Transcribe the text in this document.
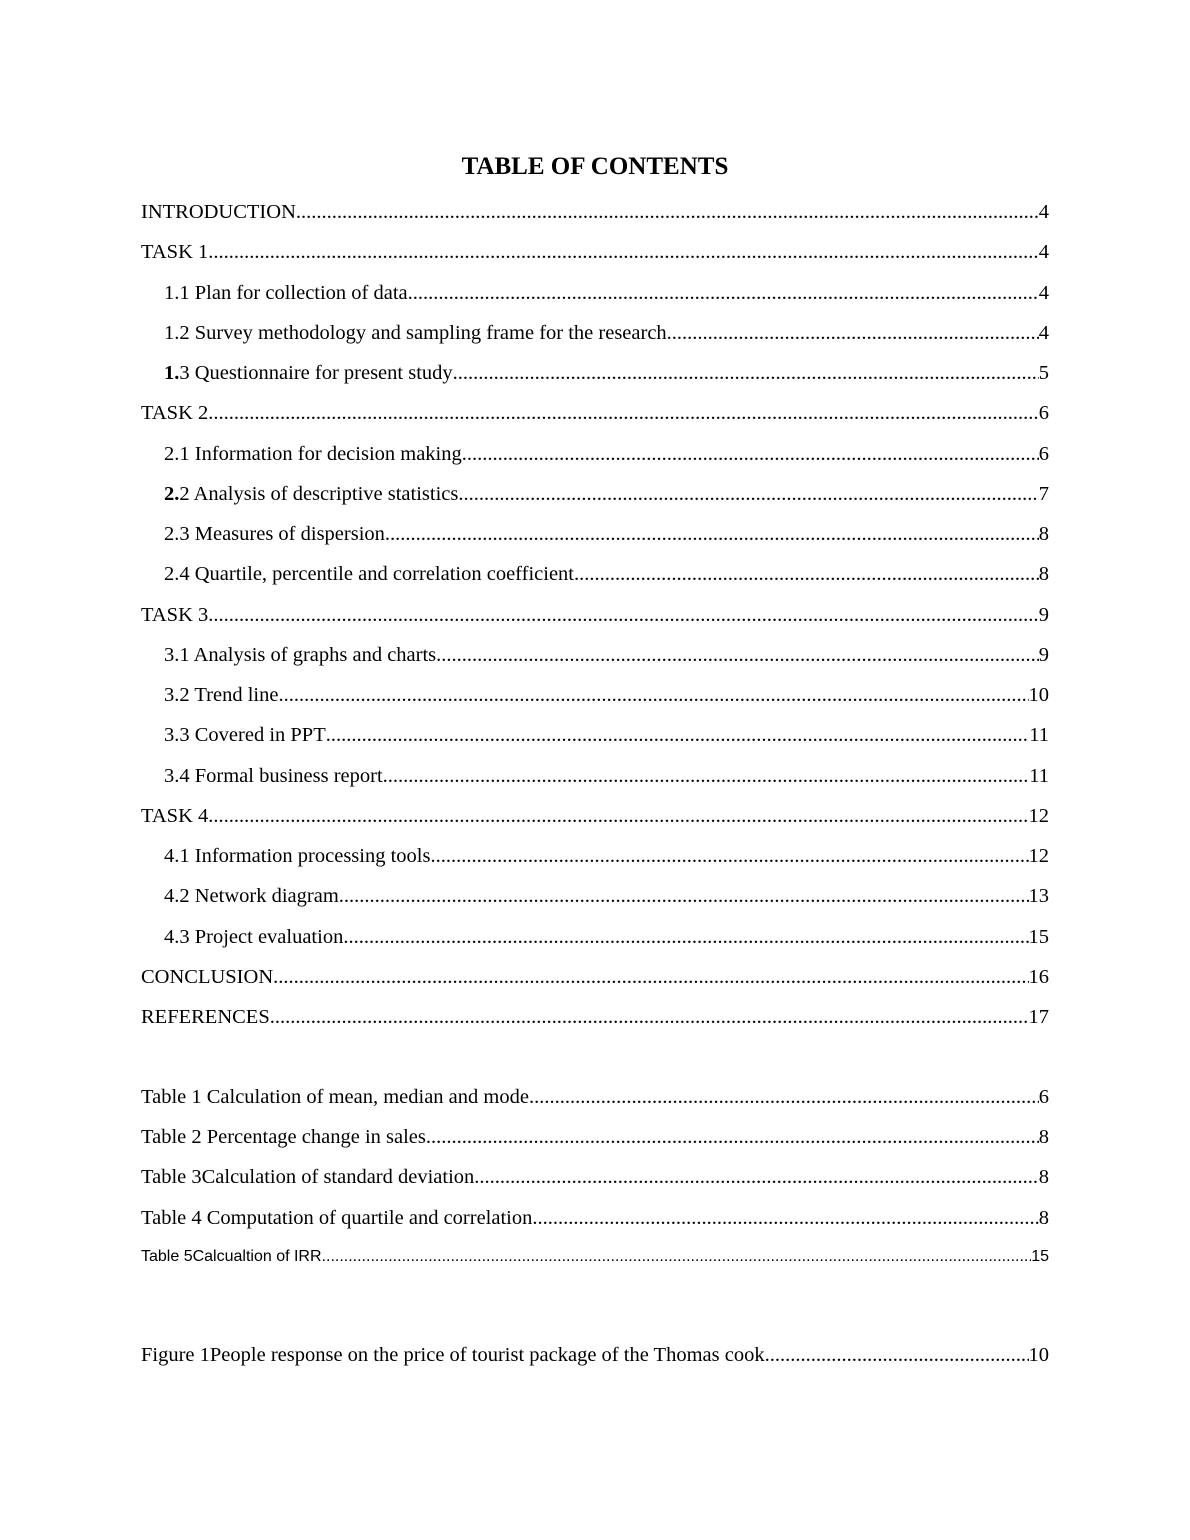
TABLE OF CONTENTS
INTRODUCTION .....	4
TASK 1 .....	4
1.1 Plan for collection of data .....	4
1.2 Survey methodology and sampling frame for the research .....	4
1.3 Questionnaire for present study .....	5
TASK 2 .....	6
2.1 Information for decision making .....	6
2.2 Analysis of descriptive statistics .....	7
2.3 Measures of dispersion .....	8
2.4 Quartile, percentile and correlation coefficient .....	8
TASK 3 .....	9
3.1 Analysis of graphs and charts .....	9
3.2 Trend line .....	10
3.3 Covered in PPT .....	11
3.4 Formal business report .....	11
TASK 4 .....	12
4.1 Information processing tools .....	12
4.2 Network diagram .....	13
4.3 Project evaluation .....	15
CONCLUSION .....	16
REFERENCES .....	17
Table 1 Calculation of mean, median and mode .....	6
Table 2 Percentage change in sales .....	8
Table 3Calculation of standard deviation .....	8
Table 4 Computation of quartile and correlation .....	8
Table 5Calcualtion of IRR .....	15
Figure 1People response on the price of tourist package of the Thomas cook .....	10
